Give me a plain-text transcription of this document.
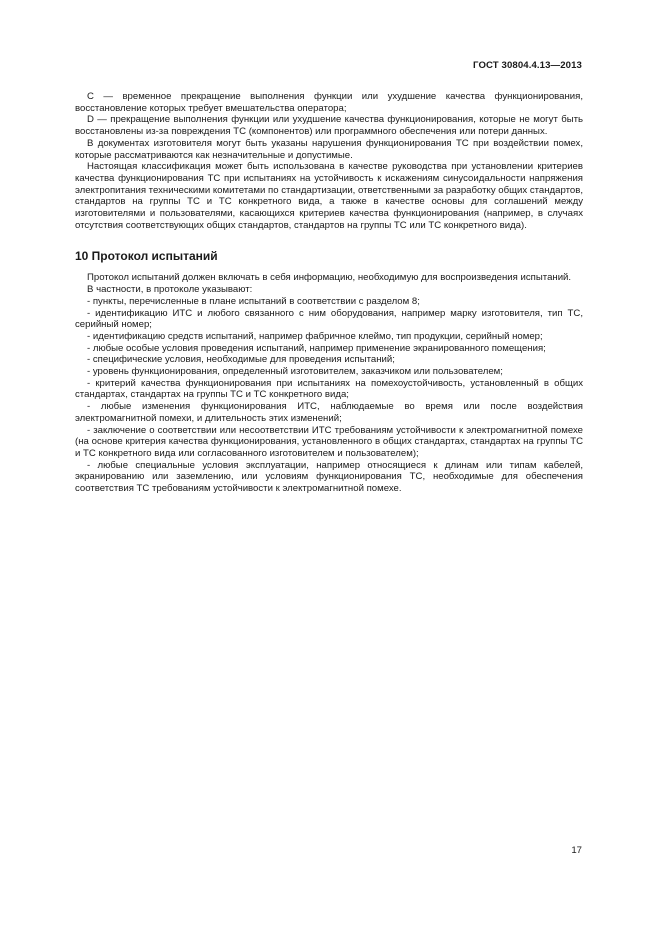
ГОСТ 30804.4.13—2013

C — временное прекращение выполнения функции или ухудшение качества функционирования, восстановление которых требует вмешательства оператора;

D — прекращение выполнения функции или ухудшение качества функционирования, которые не могут быть восстановлены из-за повреждения ТС (компонентов) или программного обеспечения или потери данных.

В документах изготовителя могут быть указаны нарушения функционирования ТС при воздействии помех, которые рассматриваются как незначительные и допустимые.

Настоящая классификация может быть использована в качестве руководства при установлении критериев качества функционирования ТС при испытаниях на устойчивость к искажениям синусоидальности напряжения электропитания техническими комитетами по стандартизации, ответственными за разработку общих стандартов, стандартов на группы ТС и ТС конкретного вида, а также в качестве основы для соглашений между изготовителями и пользователями, касающихся критериев качества функционирования (например, в случаях отсутствия соответствующих общих стандартов, стандартов на группы ТС или ТС конкретного вида).

10 Протокол испытаний

Протокол испытаний должен включать в себя информацию, необходимую для воспроизведения испытаний.

В частности, в протоколе указывают:

- пункты, перечисленные в плане испытаний в соответствии с разделом 8;

- идентификацию ИТС и любого связанного с ним оборудования, например марку изготовителя, тип ТС, серийный номер;

- идентификацию средств испытаний, например фабричное клеймо, тип продукции, серийный номер;

- любые особые условия проведения испытаний, например применение экранированного помещения;

- специфические условия, необходимые для проведения испытаний;

- уровень функционирования, определенный изготовителем, заказчиком или пользователем;

- критерий качества функционирования при испытаниях на помехоустойчивость, установленный в общих стандартах, стандартах на группы ТС и ТС конкретного вида;

- любые изменения функционирования ИТС, наблюдаемые во время или после воздействия электромагнитной помехи, и длительность этих изменений;

- заключение о соответствии или несоответствии ИТС требованиям устойчивости к электромагнитной помехе (на основе критерия качества функционирования, установленного в общих стандартах, стандартах на группы ТС и ТС конкретного вида или согласованного изготовителем и пользователем);

- любые специальные условия эксплуатации, например относящиеся к длинам или типам кабелей, экранированию или заземлению, или условиям функционирования ТС, необходимые для обеспечения соответствия ТС требованиям устойчивости к электромагнитной помехе.

17
